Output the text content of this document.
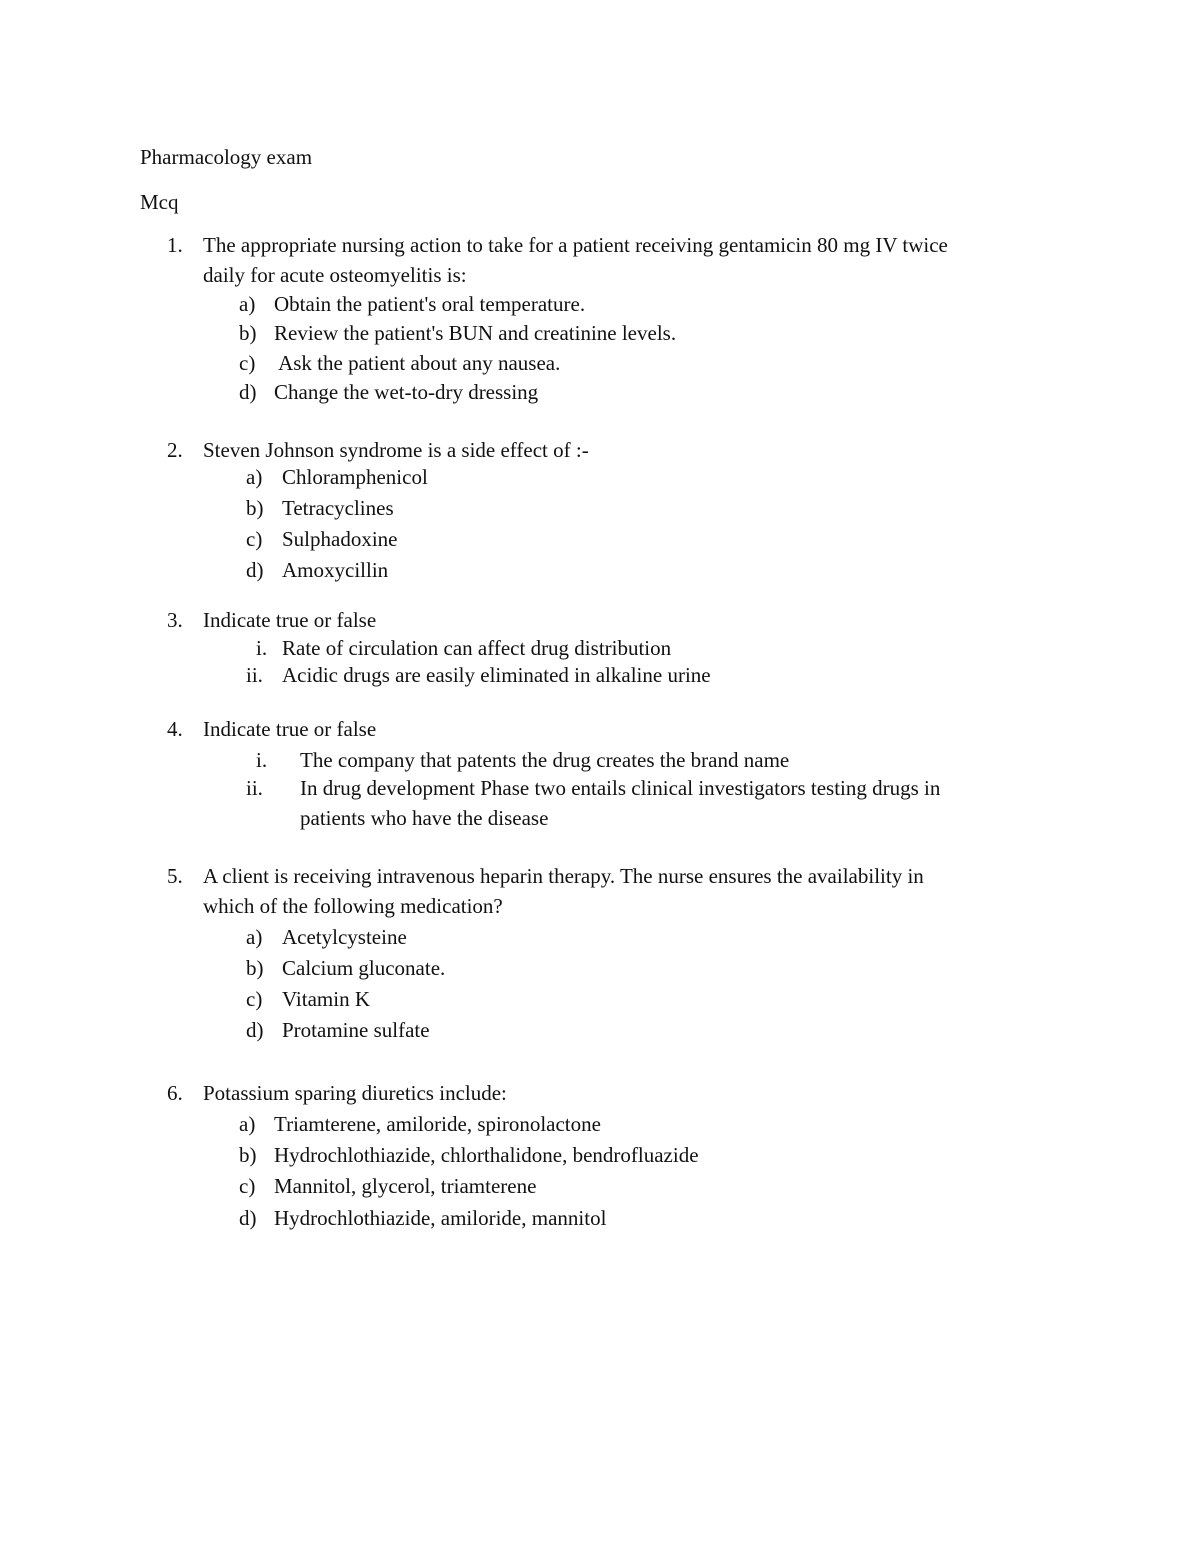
Pharmacology exam
Mcq
1. The appropriate nursing action to take for a patient receiving gentamicin 80 mg IV twice
daily for acute osteomyelitis is:
a) Obtain the patient's oral temperature.
b) Review the patient's BUN and creatinine levels.
c) Ask the patient about any nausea.
d) Change the wet-to-dry dressing
2. Steven Johnson syndrome is a side effect of :-
a) Chloramphenicol
b) Tetracyclines
c) Sulphadoxine
d) Amoxycillin
3. Indicate true or false
i. Rate of circulation can affect drug distribution
ii. Acidic drugs are easily eliminated in alkaline urine
4. Indicate true or false
i. The company that patents the drug creates the brand name
ii. In drug development Phase two entails clinical investigators testing drugs in
patients who have the disease
5. A client is receiving intravenous heparin therapy. The nurse ensures the availability in
which of the following medication?
a) Acetylcysteine
b) Calcium gluconate.
c) Vitamin K
d) Protamine sulfate
6. Potassium sparing diuretics include:
a) Triamterene, amiloride, spironolactone
b) Hydrochlothiazide, chlorthalidone, bendrofluazide
c) Mannitol, glycerol, triamterene
d) Hydrochlothiazide, amiloride, mannitol
